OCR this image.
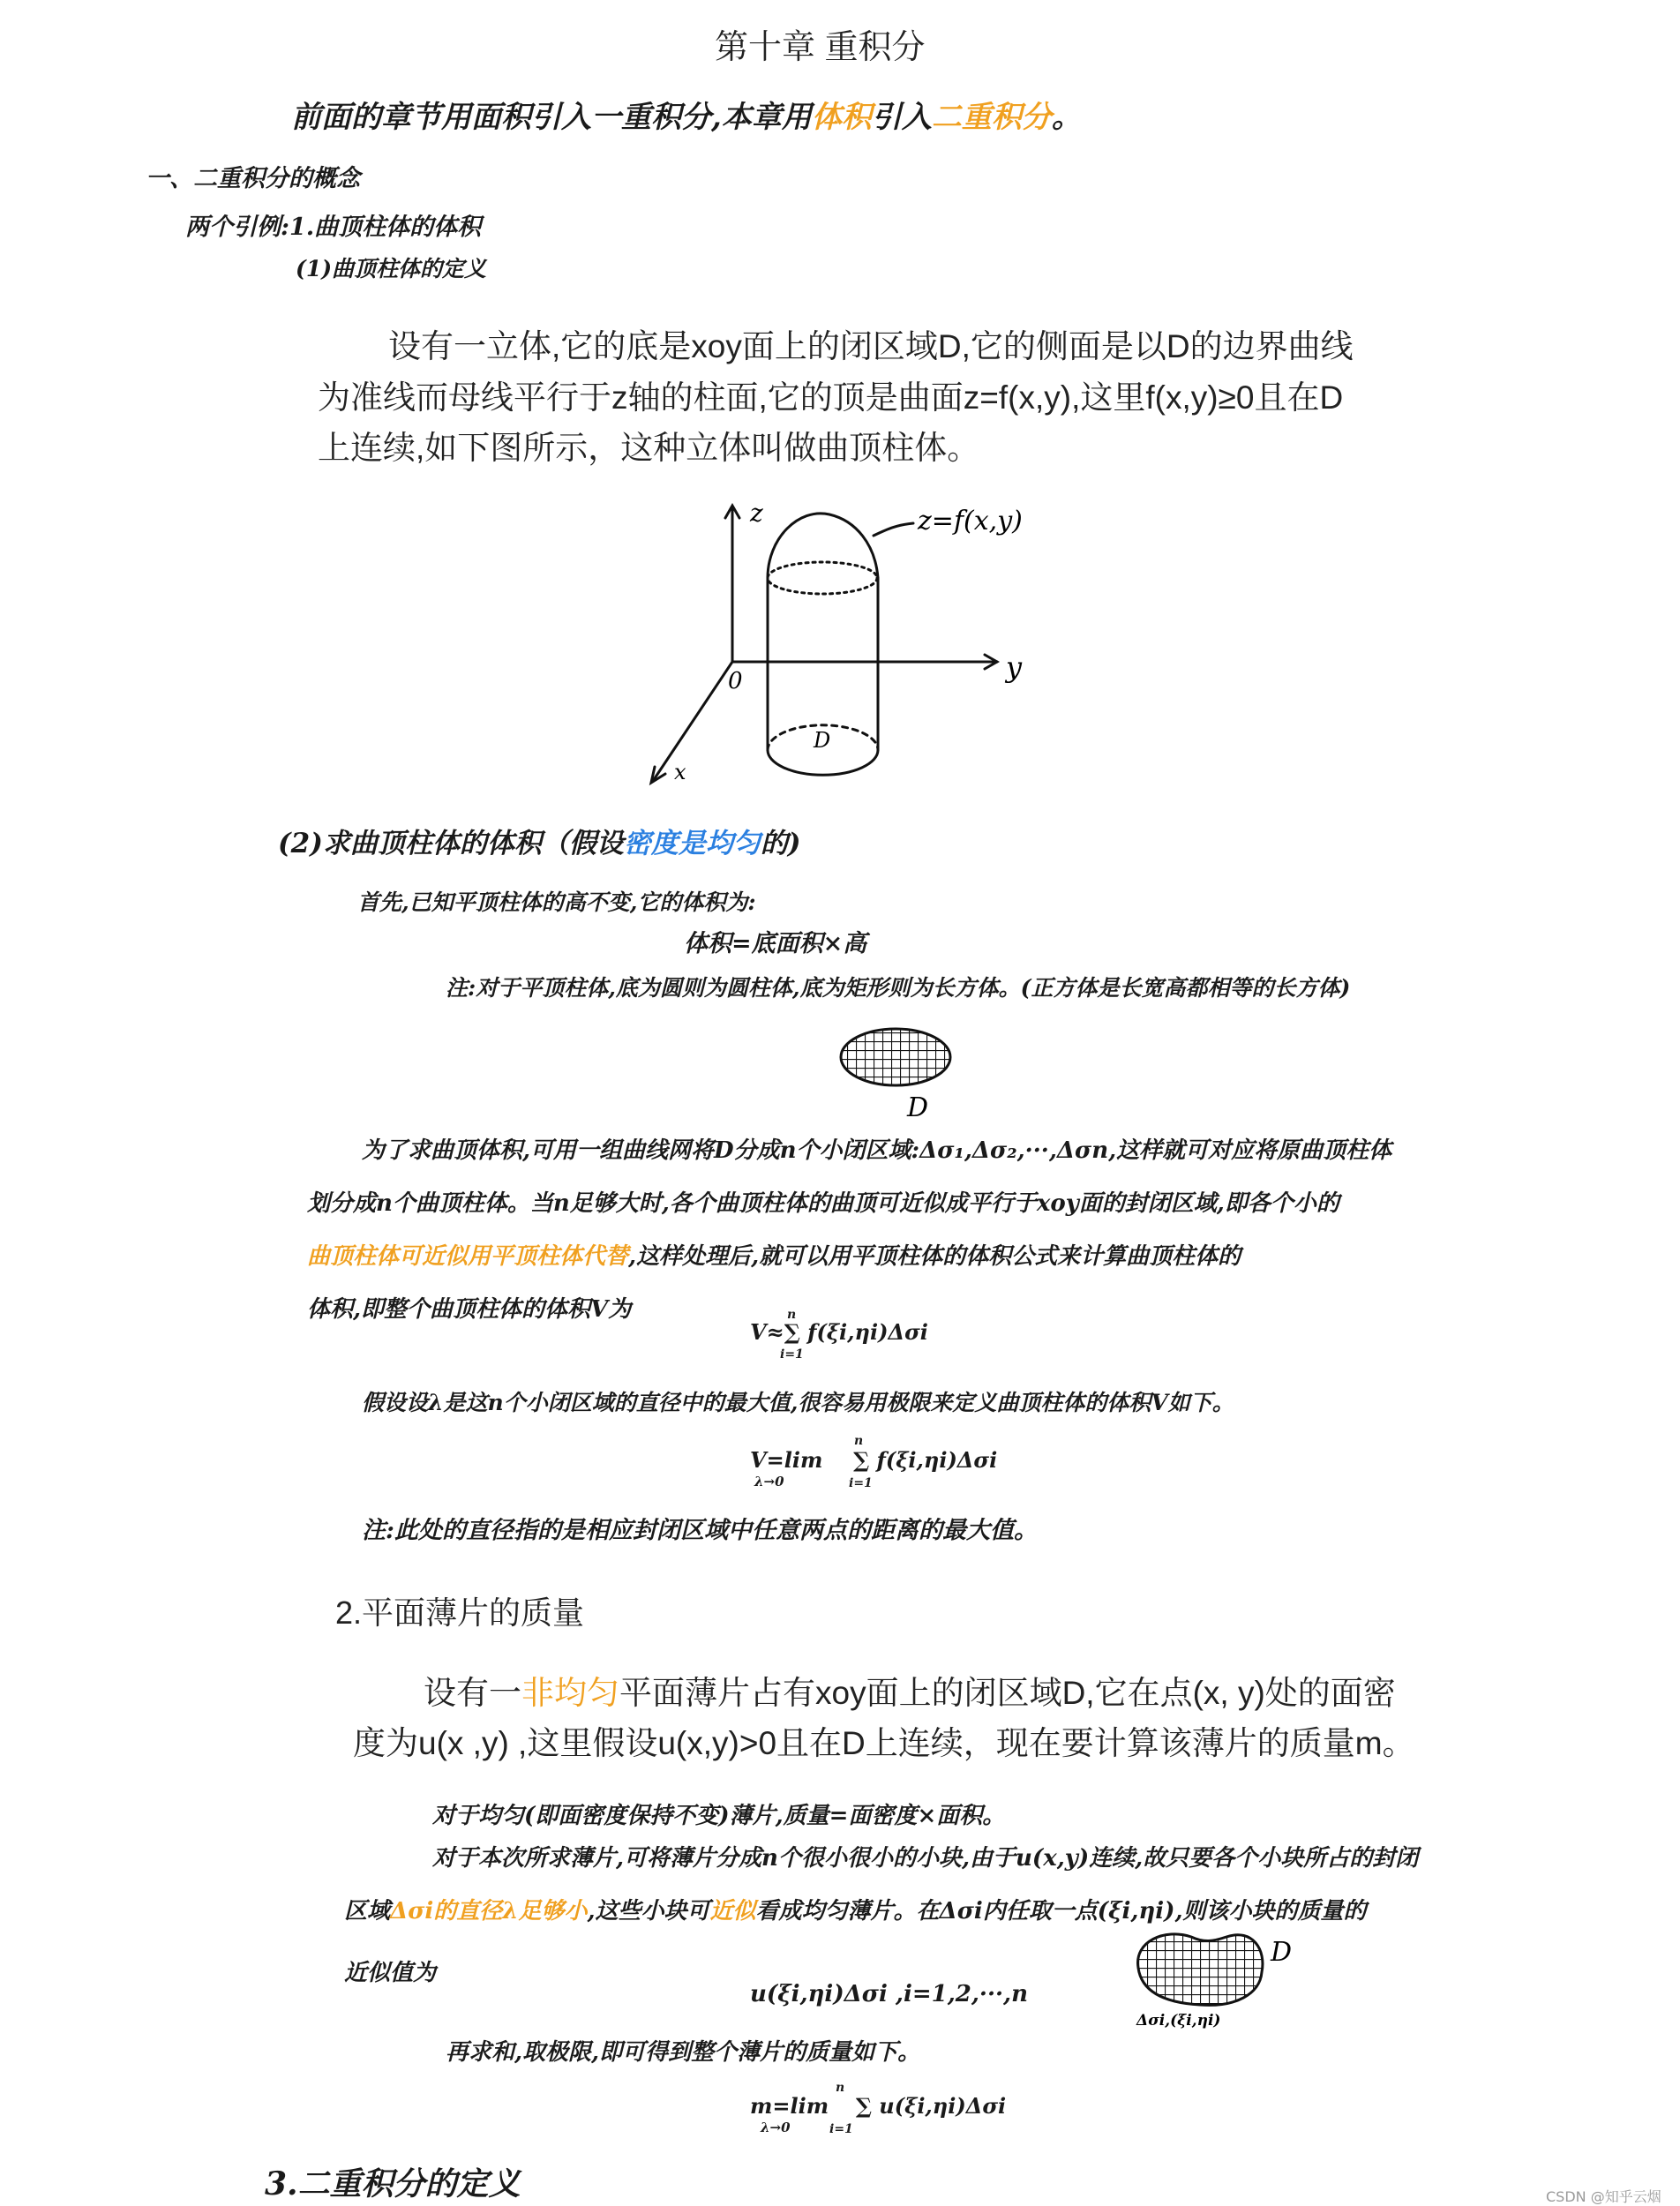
第十章 重积分
前面的章节用面积引入一重积分,本章用体积引入二重积分。
一、二重积分的概念
两个引例:1.曲顶柱体的体积
(1)曲顶柱体的定义
设有一立体,它的底是xoy面上的闭区域D,它的侧面是以D的边界曲线
为准线而母线平行于z轴的柱面,它的顶是曲面z=f(x,y),这里f(x,y)≥0且在D
上连续,如下图所示，这种立体叫做曲顶柱体。
z
y
x
0
D
z=f(x,y)
(2)求曲顶柱体的体积（假设密度是均匀的)
首先,已知平顶柱体的高不变,它的体积为:
体积=底面积×高
注:对于平顶柱体,底为圆则为圆柱体,底为矩形则为长方体。(正方体是长宽高都相等的长方体)
D
为了求曲顶体积,可用一组曲线网将D分成n个小闭区域:Δσ₁,Δσ₂,···,Δσn,这样就可对应将原曲顶柱体
划分成n个曲顶柱体。当n足够大时,各个曲顶柱体的曲顶可近似成平行于xoy面的封闭区域,即各个小的
曲顶柱体可近似用平顶柱体代替,这样处理后,就可以用平顶柱体的体积公式来计算曲顶柱体的
体积,即整个曲顶柱体的体积V为
V≈∑ f(ξi,ηi)Δσi
n
i=1
假设设λ是这n个小闭区域的直径中的最大值,很容易用极限来定义曲顶柱体的体积V如下。
V=lim ∑ f(ξi,ηi)Δσi
λ→0
n
i=1
注:此处的直径指的是相应封闭区域中任意两点的距离的最大值。
2.平面薄片的质量
设有一非均匀平面薄片占有xoy面上的闭区域D,它在点(x, y)处的面密
度为u(x ,y) ,这里假设u(x,y)>0且在D上连续，现在要计算该薄片的质量m。
对于均匀(即面密度保持不变)薄片,质量=面密度×面积。
对于本次所求薄片,可将薄片分成n个很小很小的小块,由于u(x,y)连续,故只要各个小块所占的封闭
区域Δσi的直径λ足够小,这些小块可近似看成均匀薄片。在Δσi内任取一点(ξi,ηi),则该小块的质量的
近似值为
u(ξi,ηi)Δσi ,i=1,2,···,n
D
Δσi,(ξi,ηi)
再求和,取极限,即可得到整个薄片的质量如下。
m=lim ∑ u(ξi,ηi)Δσi
λ→0
n
i=1
3.二重积分的定义	CSDN @知乎云烟
